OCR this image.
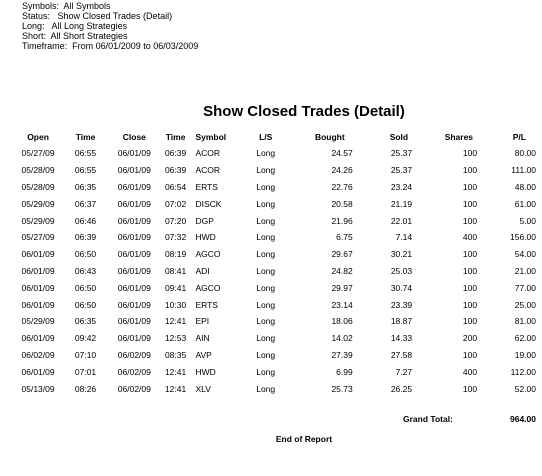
Symbols:  All Symbols
Status:   Show Closed Trades (Detail)
Long:   All Long Strategies
Short:  All Short Strategies
Timeframe:  From 06/01/2009 to 06/03/2009
Show Closed Trades (Detail)
Open	Time	Close	Time	Symbol	L/S	Bought	Sold	Shares	P/L
05/27/09	06:55	06/01/09	06:39	ACOR	Long	24.57	25.37	100	80.00
05/28/09	06:55	06/01/09	06:39	ACOR	Long	24.26	25.37	100	111.00
05/28/09	06:35	06/01/09	06:54	ERTS	Long	22.76	23.24	100	48.00
05/29/09	06:37	06/01/09	07:02	DISCK	Long	20.58	21.19	100	61.00
05/29/09	06:46	06/01/09	07:20	DGP	Long	21.96	22.01	100	5.00
05/27/09	06:39	06/01/09	07:32	HWD	Long	6.75	7.14	400	156.00
06/01/09	06:50	06/01/09	08:19	AGCO	Long	29.67	30.21	100	54.00
06/01/09	06:43	06/01/09	08:41	ADI	Long	24.82	25.03	100	21.00
06/01/09	06:50	06/01/09	09:41	AGCO	Long	29.97	30.74	100	77.00
06/01/09	06:50	06/01/09	10:30	ERTS	Long	23.14	23.39	100	25.00
05/29/09	06:35	06/01/09	12:41	EPI	Long	18.06	18.87	100	81.00
06/01/09	09:42	06/01/09	12:53	AIN	Long	14.02	14.33	200	62.00
06/02/09	07:10	06/02/09	08:35	AVP	Long	27.39	27.58	100	19.00
06/01/09	07:01	06/02/09	12:41	HWD	Long	6.99	7.27	400	112.00
05/13/09	08:26	06/02/09	12:41	XLV	Long	25.73	26.25	100	52.00
Grand Total:	964.00
End of Report
